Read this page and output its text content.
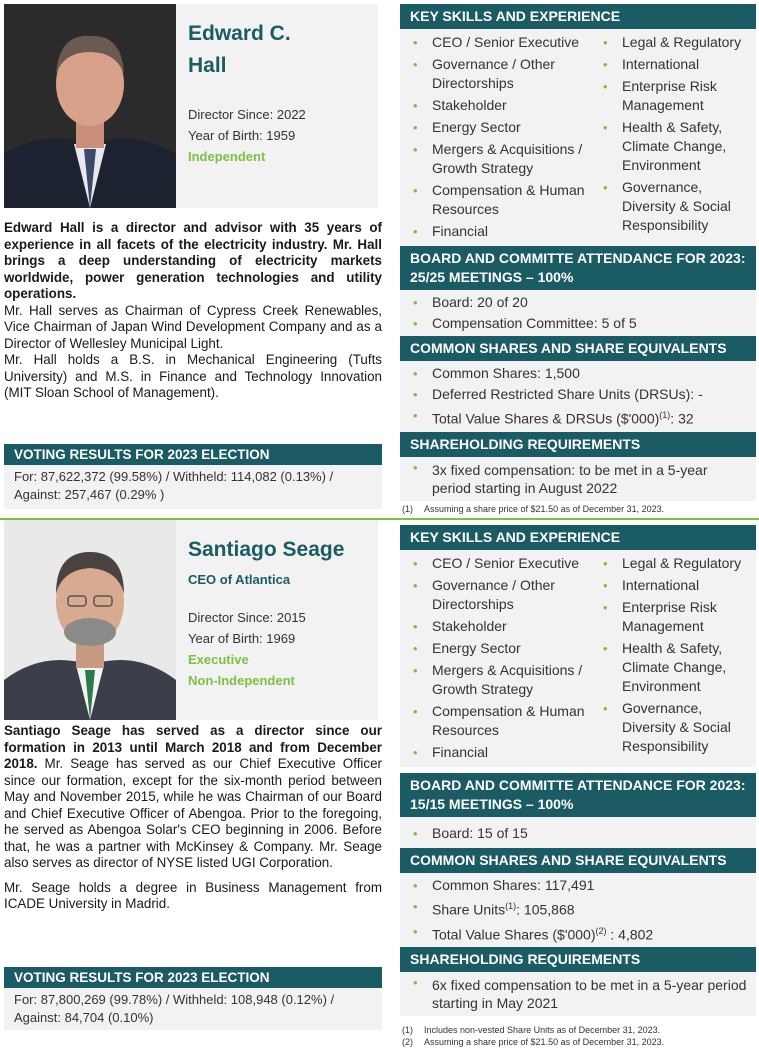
Edward C.
Hall
Director Since: 2022
Year of Birth: 1959
Independent

Edward Hall is a director and advisor with 35 years of experience in all facets of the electricity industry. Mr. Hall brings a deep understanding of electricity markets worldwide, power generation technologies and utility operations.

Mr. Hall serves as Chairman of Cypress Creek Renewables, Vice Chairman of Japan Wind Development Company and as a Director of Wellesley Municipal Light.

Mr. Hall holds a B.S. in Mechanical Engineering (Tufts University) and M.S. in Finance and Technology Innovation (MIT Sloan School of Management).

VOTING RESULTS FOR 2023 ELECTION
For: 87,622,372 (99.58%) / Withheld: 114,082 (0.13%) / Against: 257,467 (0.29% )
KEY SKILLS AND EXPERIENCE
• CEO / Senior Executive
• Governance / Other Directorships
• Stakeholder
• Energy Sector
• Mergers & Acquisitions / Growth Strategy
• Compensation & Human Resources
• Financial
• Legal & Regulatory
• International
• Enterprise Risk Management
• Health & Safety, Climate Change, Environment
• Governance, Diversity & Social Responsibility
BOARD AND COMMITTE ATTENDANCE FOR 2023: 25/25 MEETINGS – 100%
• Board: 20 of 20
• Compensation Committee: 5 of 5
COMMON SHARES AND SHARE EQUIVALENTS
• Common Shares: 1,500
• Deferred Restricted Share Units (DRSUs): -
• Total Value Shares & DRSUs ($'000)$^{(1)}$: 32
SHAREHOLDING REQUIREMENTS
• 3x fixed compensation: to be met in a 5-year period starting in August 2022
(1) Assuming a share price of $21.50 as of December 31, 2023.
Santiago Seage
CEO of Atlantica
Director Since: 2015
Year of Birth: 1969
Executive
Non-Independent

Santiago Seage has served as a director since our formation in 2013 until March 2018 and from December 2018. Mr. Seage has served as our Chief Executive Officer since our formation, except for the six-month period between May and November 2015, while he was Chairman of our Board and Chief Executive Officer of Abengoa. Prior to the foregoing, he served as Abengoa Solar's CEO beginning in 2006. Before that, he was a partner with McKinsey & Company. Mr. Seage also serves as director of NYSE listed UGI Corporation.

Mr. Seage holds a degree in Business Management from ICADE University in Madrid.

VOTING RESULTS FOR 2023 ELECTION
For: 87,800,269 (99.78%) / Withheld: 108,948 (0.12%) / Against: 84,704 (0.10%)
KEY SKILLS AND EXPERIENCE
• CEO / Senior Executive
• Governance / Other Directorships
• Stakeholder
• Energy Sector
• Mergers & Acquisitions / Growth Strategy
• Compensation & Human Resources
• Financial
• Legal & Regulatory
• International
• Enterprise Risk Management
• Health & Safety, Climate Change, Environment
• Governance, Diversity & Social Responsibility
BOARD AND COMMITTE ATTENDANCE FOR 2023: 15/15 MEETINGS – 100%
• Board: 15 of 15
COMMON SHARES AND SHARE EQUIVALENTS
• Common Shares: 117,491
• Share Units$^{(1)}$: 105,868
• Total Value Shares ($'000)$^{(2)}$ : 4,802
SHAREHOLDING REQUIREMENTS
• 6x fixed compensation to be met in a 5-year period starting in May 2021
(1) Includes non-vested Share Units as of December 31, 2023.
(2) Assuming a share price of $21.50 as of December 31, 2023.
